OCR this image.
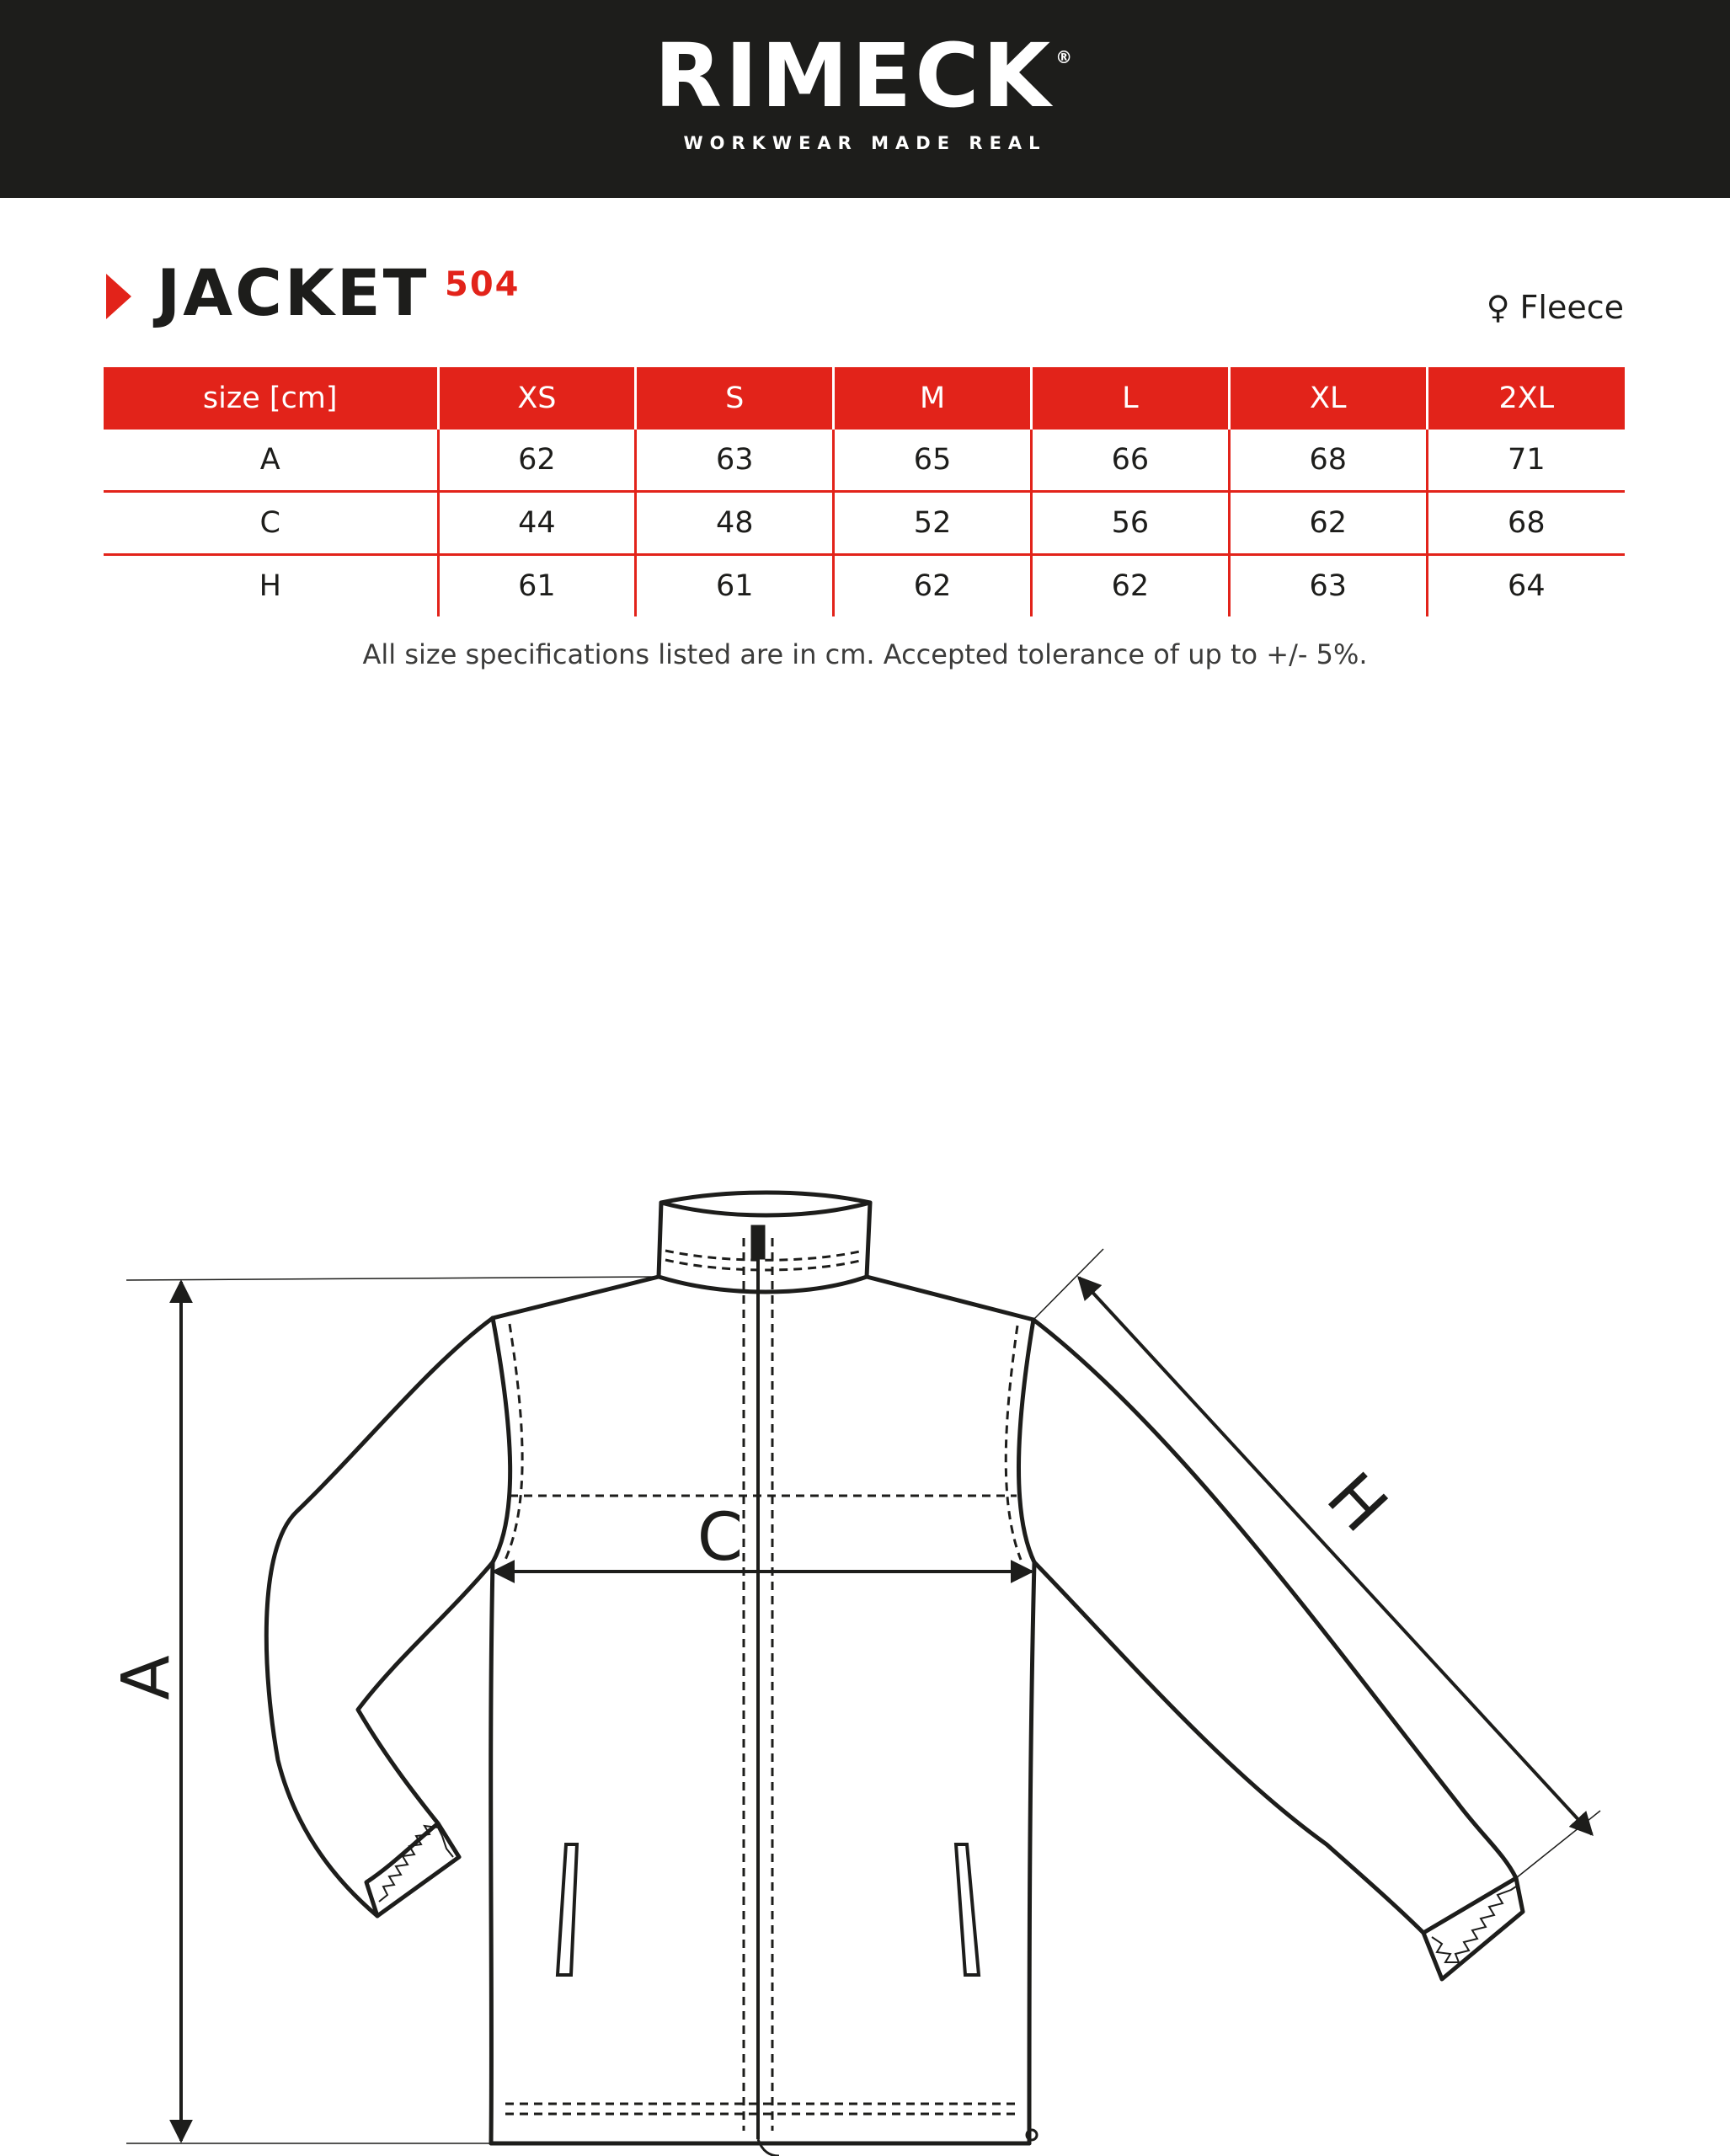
RIMECK ®
WORKWEAR MADE REAL
JACKET 504
♀ Fleece
size [cm]	XS	S	M	L	XL	2XL
A	62	63	65	66	68	71
C	44	48	52	56	62	68
H	61	61	62	62	63	64
All size specifications listed are in cm. Accepted tolerance of up to +/- 5%.
A
C	H
